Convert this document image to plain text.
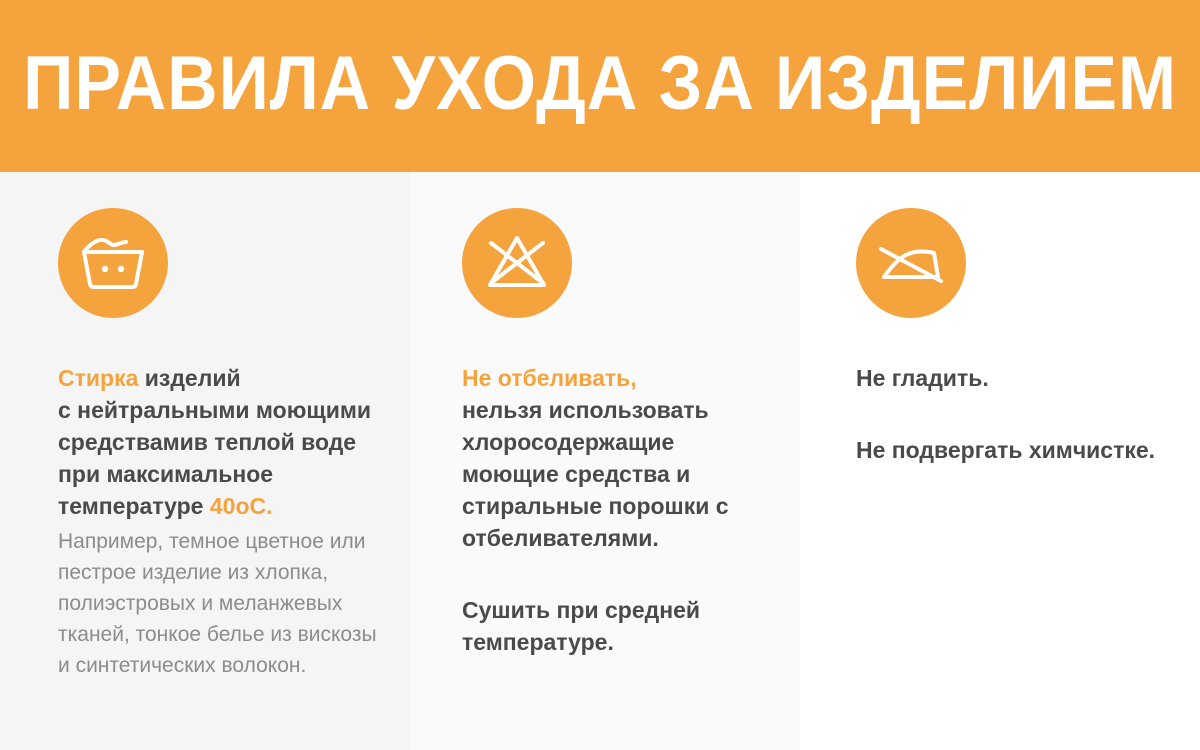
ПРАВИЛА УХОДА ЗА ИЗДЕЛИЕМ

Стирка изделий
с нейтральными моющими
средствамив теплой воде
при максимальное
температуре 40оС.

Например, темное цветное или пестрое изделие из хлопка, полиэстровых и меланжевых тканей, тонкое белье из вискозы и синтетических волокон.

Не отбеливать,
нельзя использовать хлоросодержащие моющие средства и стиральные порошки с отбеливателями.

Сушить при средней температуре.

Не гладить.

Не подвергать химчистке.
